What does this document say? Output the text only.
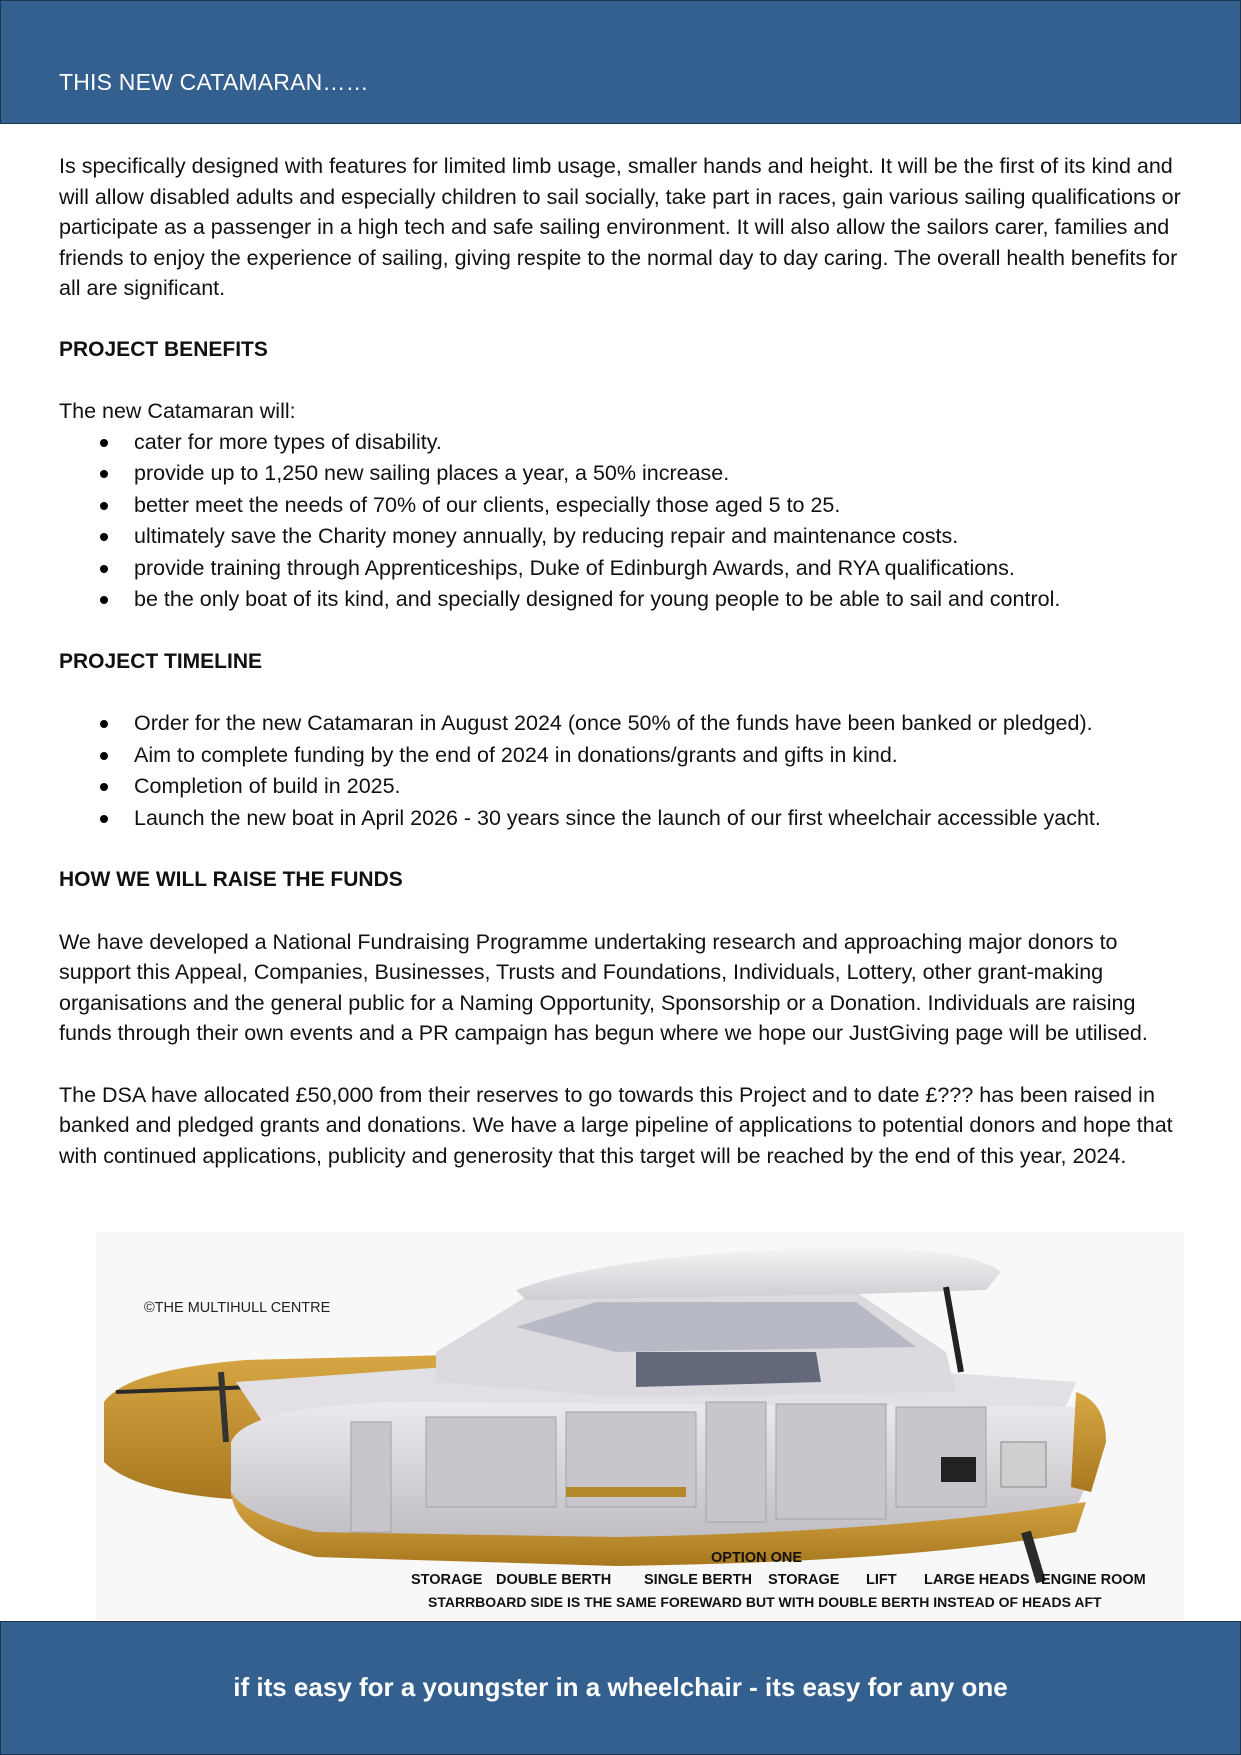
THIS NEW CATAMARAN……

Is specifically designed with features for limited limb usage, smaller hands and height. It will be the first of its kind and will allow disabled adults and especially children to sail socially, take part in races, gain various sailing qualifications or participate as a passenger in a high tech and safe sailing environment. It will also allow the sailors carer, families and friends to enjoy the experience of sailing, giving respite to the normal day to day caring. The overall health benefits for all are significant.

PROJECT BENEFITS

The new Catamaran will:

cater for more types of disability.
provide up to 1,250 new sailing places a year, a 50% increase.
better meet the needs of 70% of our clients, especially those aged 5 to 25.
ultimately save the Charity money annually, by reducing repair and maintenance costs.
provide training through Apprenticeships, Duke of Edinburgh Awards, and RYA qualifications.
be the only boat of its kind, and specially designed for young people to be able to sail and control.
PROJECT TIMELINE
Order for the new Catamaran in August 2024 (once 50% of the funds have been banked or pledged).
Aim to complete funding by the end of 2024 in donations/grants and gifts in kind.
Completion of build in 2025.
Launch the new boat in April 2026 - 30 years since the launch of our first wheelchair accessible yacht.
HOW WE WILL RAISE THE FUNDS

We have developed a National Fundraising Programme undertaking research and approaching major donors to support this Appeal, Companies, Businesses, Trusts and Foundations, Individuals, Lottery, other grant-making organisations and the general public for a Naming Opportunity, Sponsorship or a Donation. Individuals are raising funds through their own events and a PR campaign has begun where we hope our JustGiving page will be utilised.

The DSA have allocated £50,000 from their reserves to go towards this Project and to date £??? has been raised in banked and pledged grants and donations. We have a large pipeline of applications to potential donors and hope that with continued applications, publicity and generosity that this target will be reached by the end of this year, 2024.

©THE MULTIHULL CENTRE
OPTION ONE
STORAGE DOUBLE BERTH SINGLE BERTH STORAGE LIFT LARGE HEADS ENGINE ROOM
STARRBOARD SIDE IS THE SAME FOREWARD BUT WITH DOUBLE BERTH INSTEAD OF HEADS AFT
if its easy for a youngster in a wheelchair - its easy for any one
